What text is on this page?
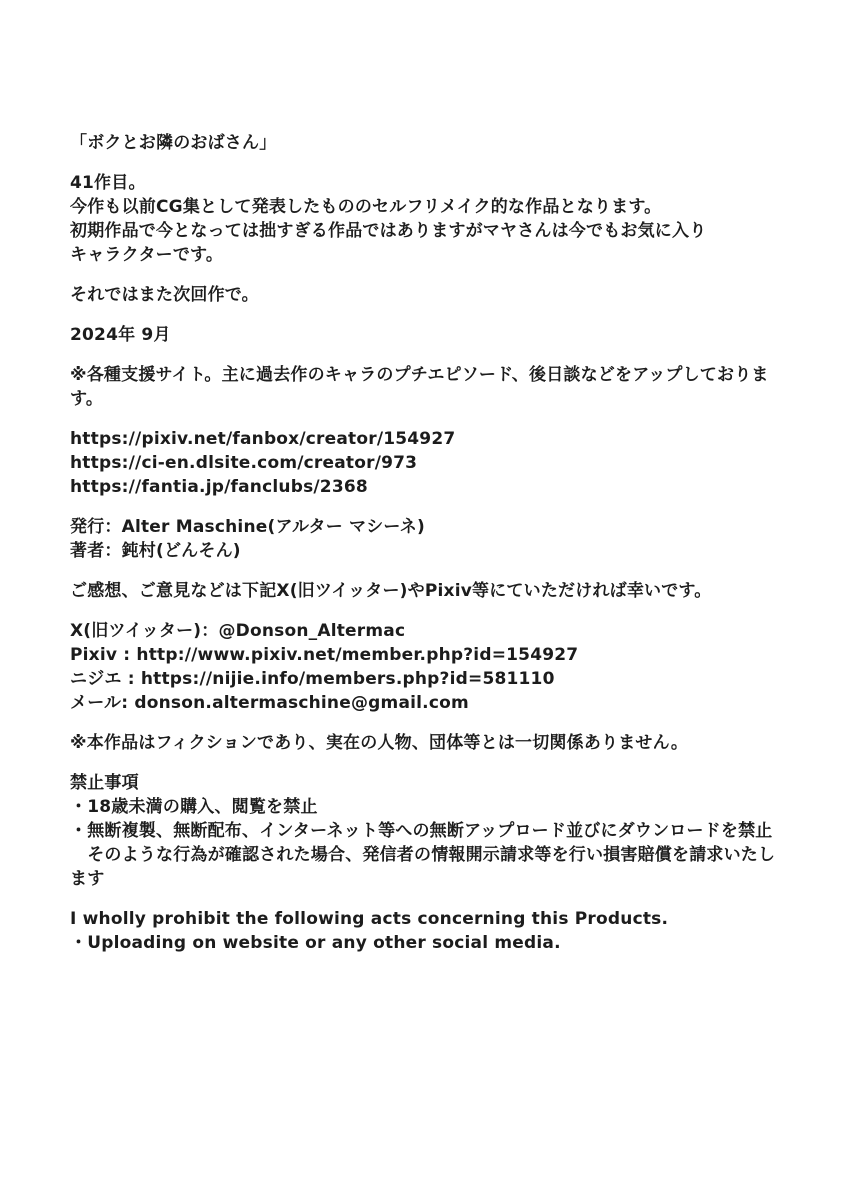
「ボクとお隣のおばさん」

41作目。
今作も以前CG集として発表したもののセルフリメイク的な作品となります。
初期作品で今となっては拙すぎる作品ではありますがマヤさんは今でもお気に入り
キャラクターです。

それではまた次回作で。

2024年 9月

※各種支援サイト。主に過去作のキャラのプチエピソード、後日談などをアップしております。

https://pixiv.net/fanbox/creator/154927
https://ci-en.dlsite.com/creator/973
https://fantia.jp/fanclubs/2368

発行：Alter Maschine(アルター マシーネ)
著者：鈍村(どんそん)

ご感想、ご意見などは下記X(旧ツイッター)やPixiv等にていただければ幸いです。

X(旧ツイッター)：@Donson_Altermac
Pixiv : http://www.pixiv.net/member.php?id=154927
ニジエ : https://nijie.info/members.php?id=581110
メール: donson.altermaschine@gmail.com

※本作品はフィクションであり、実在の人物、団体等とは一切関係ありません。

禁止事項
・18歳未満の購入、閲覧を禁止
・無断複製、無断配布、インターネット等への無断アップロード並びにダウンロードを禁止
　そのような行為が確認された場合、発信者の情報開示請求等を行い損害賠償を請求いたします

I wholly prohibit the following acts concerning this Products.
・Uploading on website or any other social media.
